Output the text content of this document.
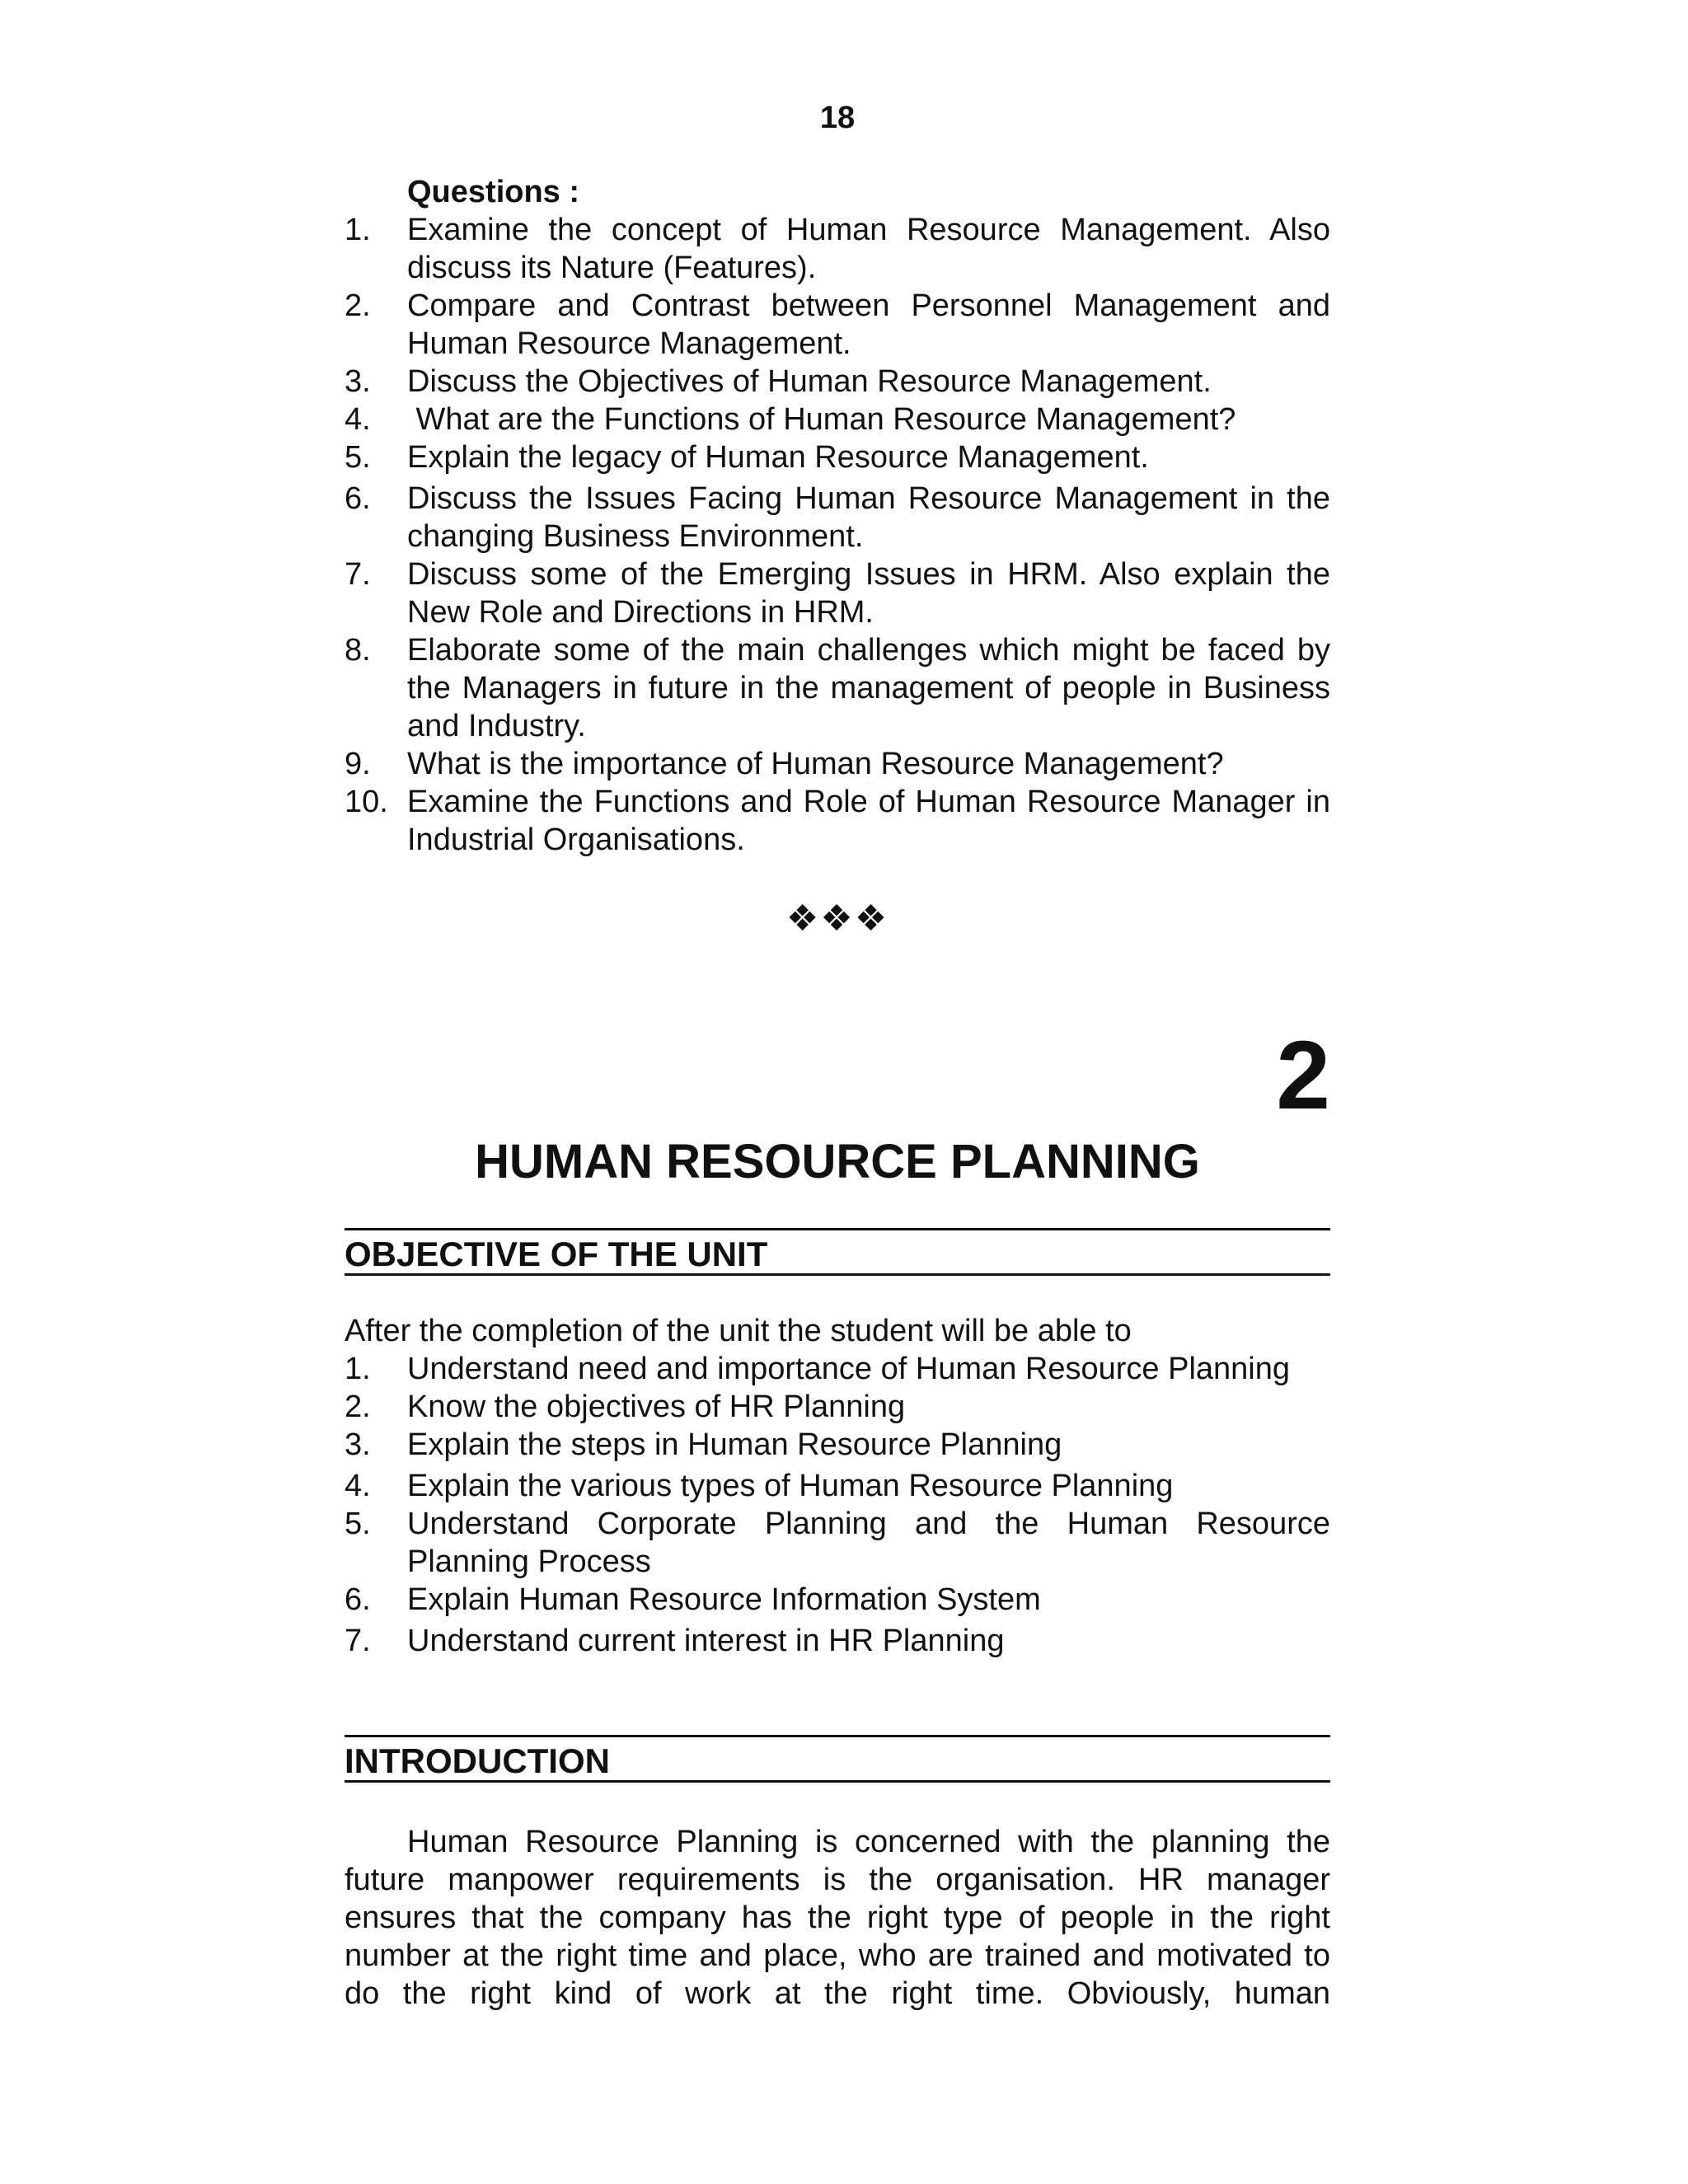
18
Questions :
1.	Examine the concept of Human Resource Management. Also discuss its Nature (Features).
2.	Compare and Contrast between Personnel Management and Human Resource Management.
3.	Discuss the Objectives of Human Resource Management.
4.	What are the Functions of Human Resource Management?
5.	Explain the legacy of Human Resource Management.
6.	Discuss the Issues Facing Human Resource Management in the changing Business Environment.
7.	Discuss some of the Emerging Issues in HRM. Also explain the New Role and Directions in HRM.
8.	Elaborate some of the main challenges which might be faced by the Managers in future in the management of people in Business and Industry.
9.	What is the importance of Human Resource Management?
10. Examine the Functions and Role of Human Resource Manager in Industrial Organisations.
❖❖❖
2
HUMAN RESOURCE PLANNING
OBJECTIVE OF THE UNIT

After the completion of the unit the student will be able to

1.	Understand need and importance of Human Resource Planning
2.	Know the objectives of HR Planning
3.	Explain the steps in Human Resource Planning
4.	Explain the various types of Human Resource Planning
5.	Understand Corporate Planning and the Human Resource Planning Process
6.	Explain Human Resource Information System
7.	Understand current interest in HR Planning
INTRODUCTION

Human Resource Planning is concerned with the planning the future manpower requirements is the organisation. HR manager ensures that the company has the right type of people in the right number at the right time and place, who are trained and motivated to do the right kind of work at the right time. Obviously, human
